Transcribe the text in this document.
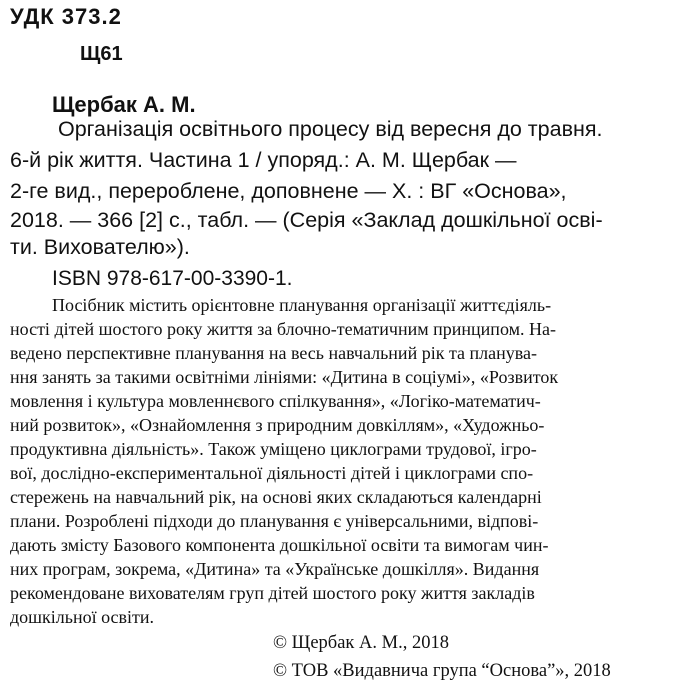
УДК 373.2
Щ61
Щербак А. М.
Організація освітнього процесу від вересня до травня.
6-й рік життя. Частина 1 / упоряд.: А. М. Щербак —
2-ге вид., перероблене, доповнене — Х. : ВГ «Основа»,
2018. — 366 [2] с., табл. — (Серія «Заклад дошкільної осві-
ти. Вихователю»).
ISBN 978-617-00-3390-1.
Посібник містить орієнтовне планування організації життєдіяль-
ності дітей шостого року життя за блочно-тематичним принципом. На-
ведено перспективне планування на весь навчальний рік та планува-
ння занять за такими освітніми лініями: «Дитина в соціумі», «Розвиток
мовлення і культура мовленнєвого спілкування», «Логіко-математич-
ний розвиток», «Ознайомлення з природним довкіллям», «Художньо-
продуктивна діяльність». Також уміщено циклограми трудової, ігро-
вої, дослідно-експериментальної діяльності дітей і циклограми спо-
стережень на навчальний рік, на основі яких складаються календарні
плани. Розроблені підходи до планування є універсальними, відпові-
дають змісту Базового компонента дошкільної освіти та вимогам чин-
них програм, зокрема, «Дитина» та «Українське дошкілля». Видання
рекомендоване вихователям груп дітей шостого року життя закладів
дошкільної освіти.
© Щербак А. М., 2018
© ТОВ «Видавнича група “Основа”», 2018
